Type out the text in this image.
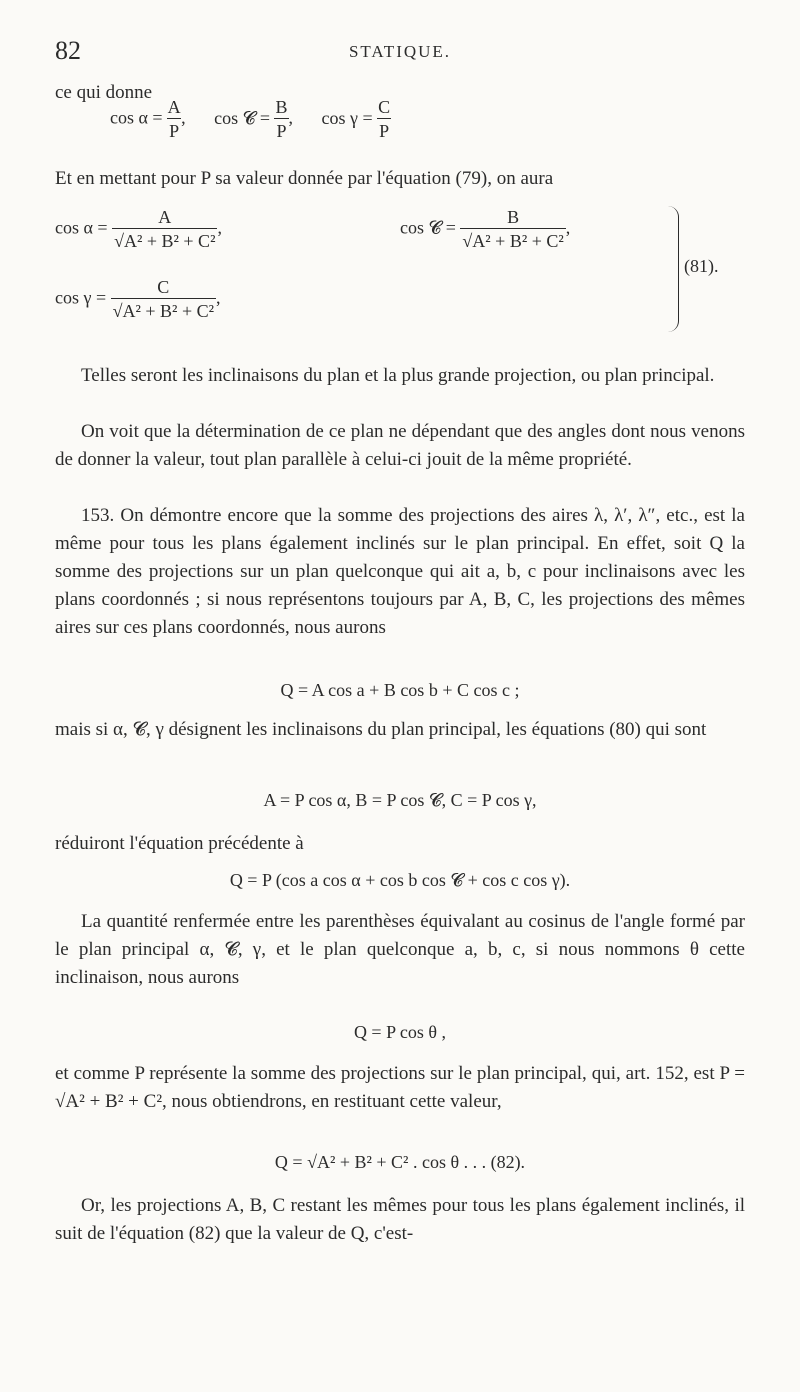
82	STATIQUE.
ce qui donne
$\cos \alpha = \frac{A}{P}$ , cos 𝓒 = $\frac{B}{P}$ , $\cos \gamma = \frac{C}{P}$
Et en mettant pour P sa valeur donnée par l'équation (79), on aura
$\cos \alpha = \frac{A}{\text{√A² + B² + C²}}$ ,	cos 𝓒 = $\frac{B}{\text{√A² + B² + C²}}$ ,
$\cos \gamma = \frac{C}{\text{√A² + B² + C²}}$ ,
(81).
Telles seront les inclinaisons du plan et la plus grande projection, ou plan principal.
On voit que la détermination de ce plan ne dépendant que des angles dont nous venons de donner la valeur, tout plan parallèle à celui-ci jouit de la même propriété.
153. On démontre encore que la somme des projections des aires λ, λ′, λ″, etc., est la même pour tous les plans également inclinés sur le plan principal. En effet, soit Q la somme des projections sur un plan quelconque qui ait a, b, c pour inclinaisons avec les plans coordonnés ; si nous représentons toujours par A, B, C, les projections des mêmes aires sur ces plans coordonnés, nous aurons
Q = A cos a + B cos b + C cos c ;
mais si α, 𝓒, γ désignent les inclinaisons du plan principal, les équations (80) qui sont
A = P cos α, B = P cos 𝓒, C = P cos γ,
réduiront l'équation précédente à
Q = P (cos a cos α + cos b cos 𝓒 + cos c cos γ).
La quantité renfermée entre les parenthèses équivalant au cosinus de l'angle formé par le plan principal α, 𝓒, γ, et le plan quelconque a, b, c, si nous nommons θ cette inclinaison, nous aurons
Q = P cos θ ,
et comme P représente la somme des projections sur le plan principal, qui, art. 152, est P = √A² + B² + C², nous obtiendrons, en restituant cette valeur,
Q = √A² + B² + C² . cos θ . . . (82).
Or, les projections A, B, C restant les mêmes pour tous les plans également inclinés, il suit de l'équation (82) que la valeur de Q, c'est-
